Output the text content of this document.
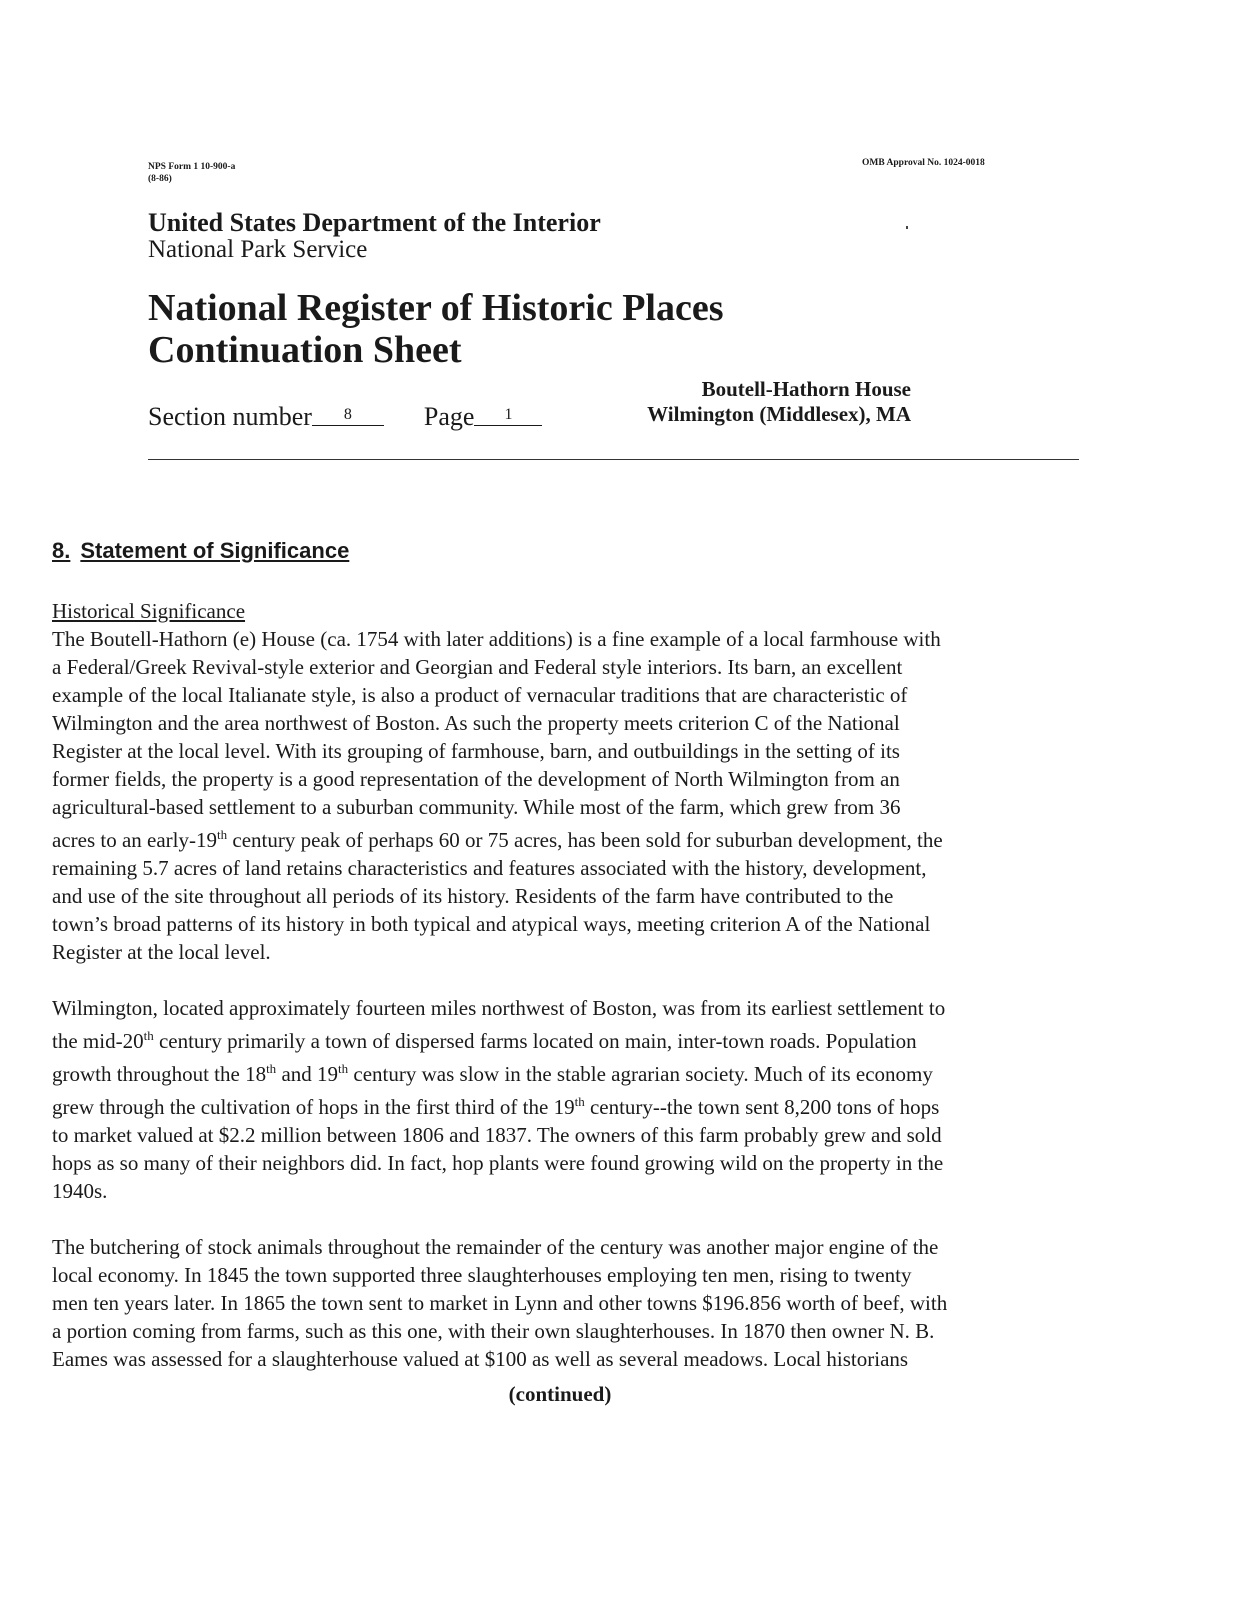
NPS Form 1 10-900-a
(8-86)
OMB Approval No. 1024-0018
United States Department of the Interior
National Park Service
National Register of Historic Places
Continuation Sheet
Boutell-Hathorn House
Wilmington (Middlesex), MA
Section number 8	Page 1
8. Statement of Significance
Historical Significance

The Boutell-Hathorn (e) House (ca. 1754 with later additions) is a fine example of a local farmhouse with

a Federal/Greek Revival-style exterior and Georgian and Federal style interiors. Its barn, an excellent

example of the local Italianate style, is also a product of vernacular traditions that are characteristic of

Wilmington and the area northwest of Boston. As such the property meets criterion C of the National

Register at the local level. With its grouping of farmhouse, barn, and outbuildings in the setting of its

former fields, the property is a good representation of the development of North Wilmington from an

agricultural-based settlement to a suburban community. While most of the farm, which grew from 36

acres to an early-19th century peak of perhaps 60 or 75 acres, has been sold for suburban development, the

remaining 5.7 acres of land retains characteristics and features associated with the history, development,

and use of the site throughout all periods of its history. Residents of the farm have contributed to the

town’s broad patterns of its history in both typical and atypical ways, meeting criterion A of the National

Register at the local level.

Wilmington, located approximately fourteen miles northwest of Boston, was from its earliest settlement to

the mid-20th century primarily a town of dispersed farms located on main, inter-town roads. Population

growth throughout the 18th and 19th century was slow in the stable agrarian society. Much of its economy

grew through the cultivation of hops in the first third of the 19th century--the town sent 8,200 tons of hops

to market valued at $2.2 million between 1806 and 1837. The owners of this farm probably grew and sold

hops as so many of their neighbors did. In fact, hop plants were found growing wild on the property in the

1940s.

The butchering of stock animals throughout the remainder of the century was another major engine of the

local economy. In 1845 the town supported three slaughterhouses employing ten men, rising to twenty

men ten years later. In 1865 the town sent to market in Lynn and other towns $196.856 worth of beef, with

a portion coming from farms, such as this one, with their own slaughterhouses. In 1870 then owner N. B.

Eames was assessed for a slaughterhouse valued at $100 as well as several meadows. Local historians

(continued)
